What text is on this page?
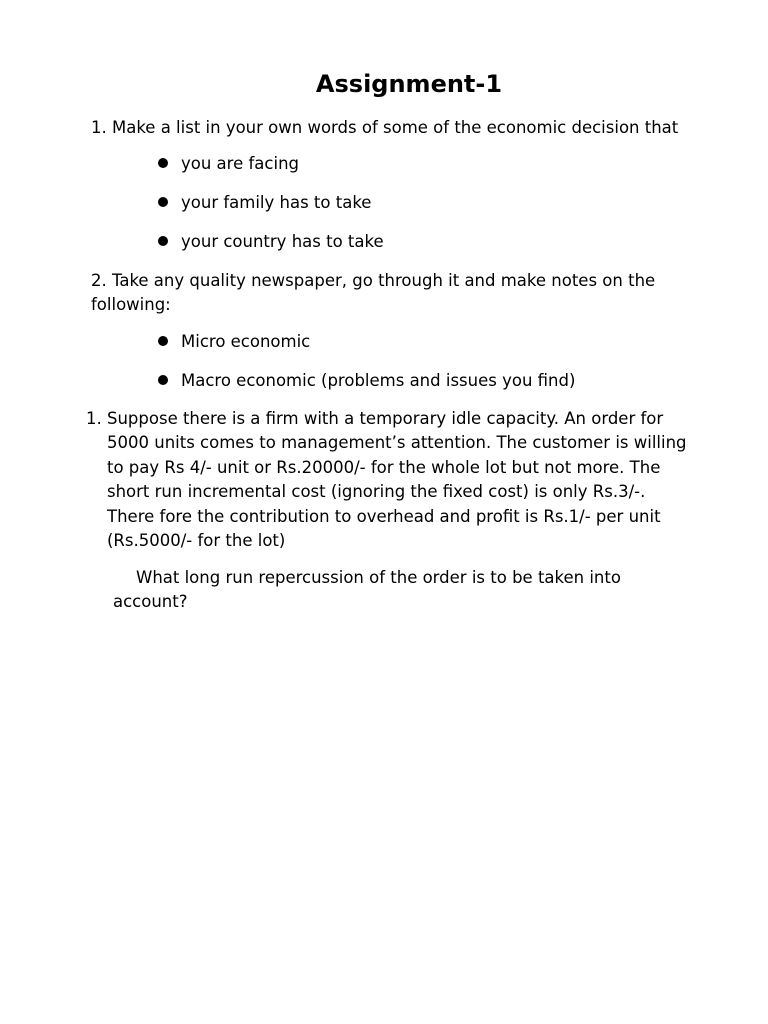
Assignment-1

1. Make a list in your own words of some of the economic decision that

you are facing
your family has to take
your country has to take

2. Take any quality newspaper, go through it and make notes on the

following:

Micro economic
Macro economic (problems and issues you find)
1. Suppose there is a firm with a temporary idle capacity. An order for
5000 units comes to management’s attention. The customer is willing
to pay Rs 4/- unit or Rs.20000/- for the whole lot but not more. The
short run incremental cost (ignoring the fixed cost) is only Rs.3/-.
There fore the contribution to overhead and profit is Rs.1/- per unit
(Rs.5000/- for the lot)

What long run repercussion of the order is to be taken into
account?
